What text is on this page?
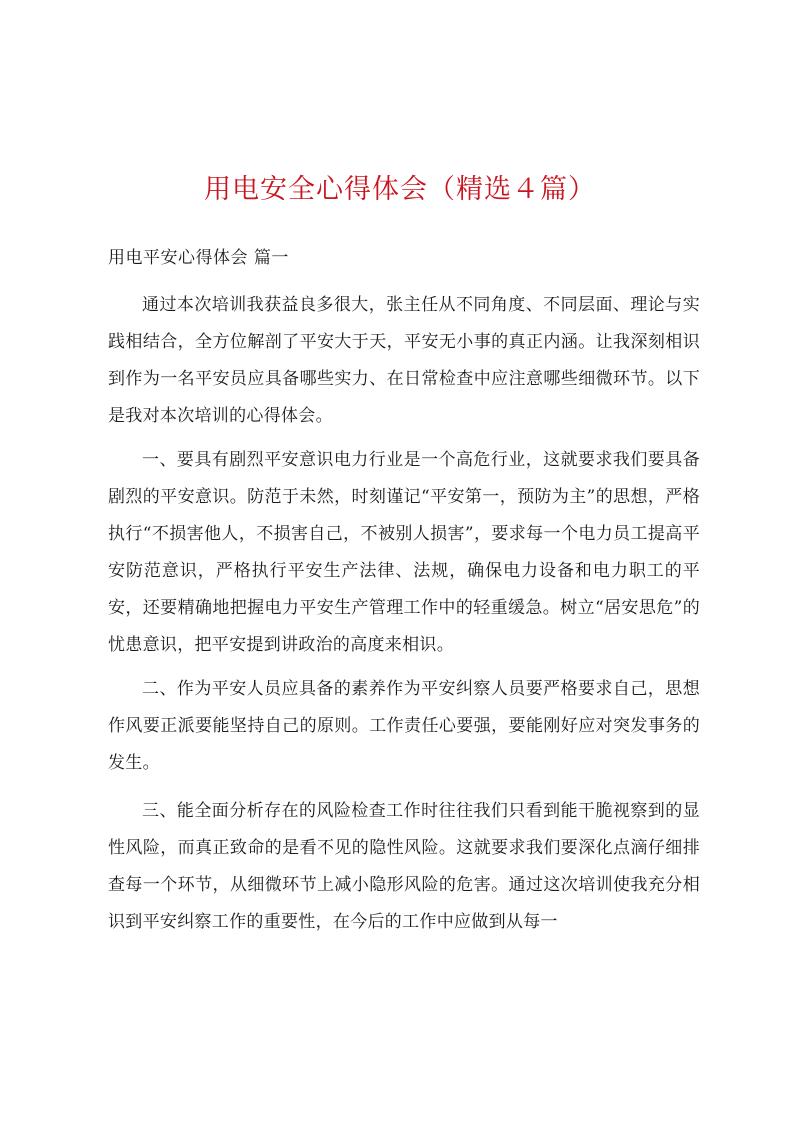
用电安全心得体会（精选４篇）

用电平安心得体会 篇一

通过本次培训我获益良多很大，张主任从不同角度、不同层面、理论与实践相结合，全方位解剖了平安大于天，平安无小事的真正内涵。让我深刻相识到作为一名平安员应具备哪些实力、在日常检查中应注意哪些细微环节。以下是我对本次培训的心得体会。

一、要具有剧烈平安意识电力行业是一个高危行业，这就要求我们要具备剧烈的平安意识。防范于未然，时刻谨记“平安第一，预防为主”的思想，严格执行“不损害他人，不损害自己，不被别人损害”，要求每一个电力员工提高平安防范意识，严格执行平安生产法律、法规，确保电力设备和电力职工的平安，还要精确地把握电力平安生产管理工作中的轻重缓急。树立“居安思危”的忧患意识，把平安提到讲政治的高度来相识。

二、作为平安人员应具备的素养作为平安纠察人员要严格要求自己，思想作风要正派要能坚持自己的原则。工作责任心要强，要能刚好应对突发事务的发生。

三、能全面分析存在的风险检查工作时往往我们只看到能干脆视察到的显性风险，而真正致命的是看不见的隐性风险。这就要求我们要深化点滴仔细排查每一个环节，从细微环节上减小隐形风险的危害。通过这次培训使我充分相识到平安纠察工作的重要性，在今后的工作中应做到从每一
